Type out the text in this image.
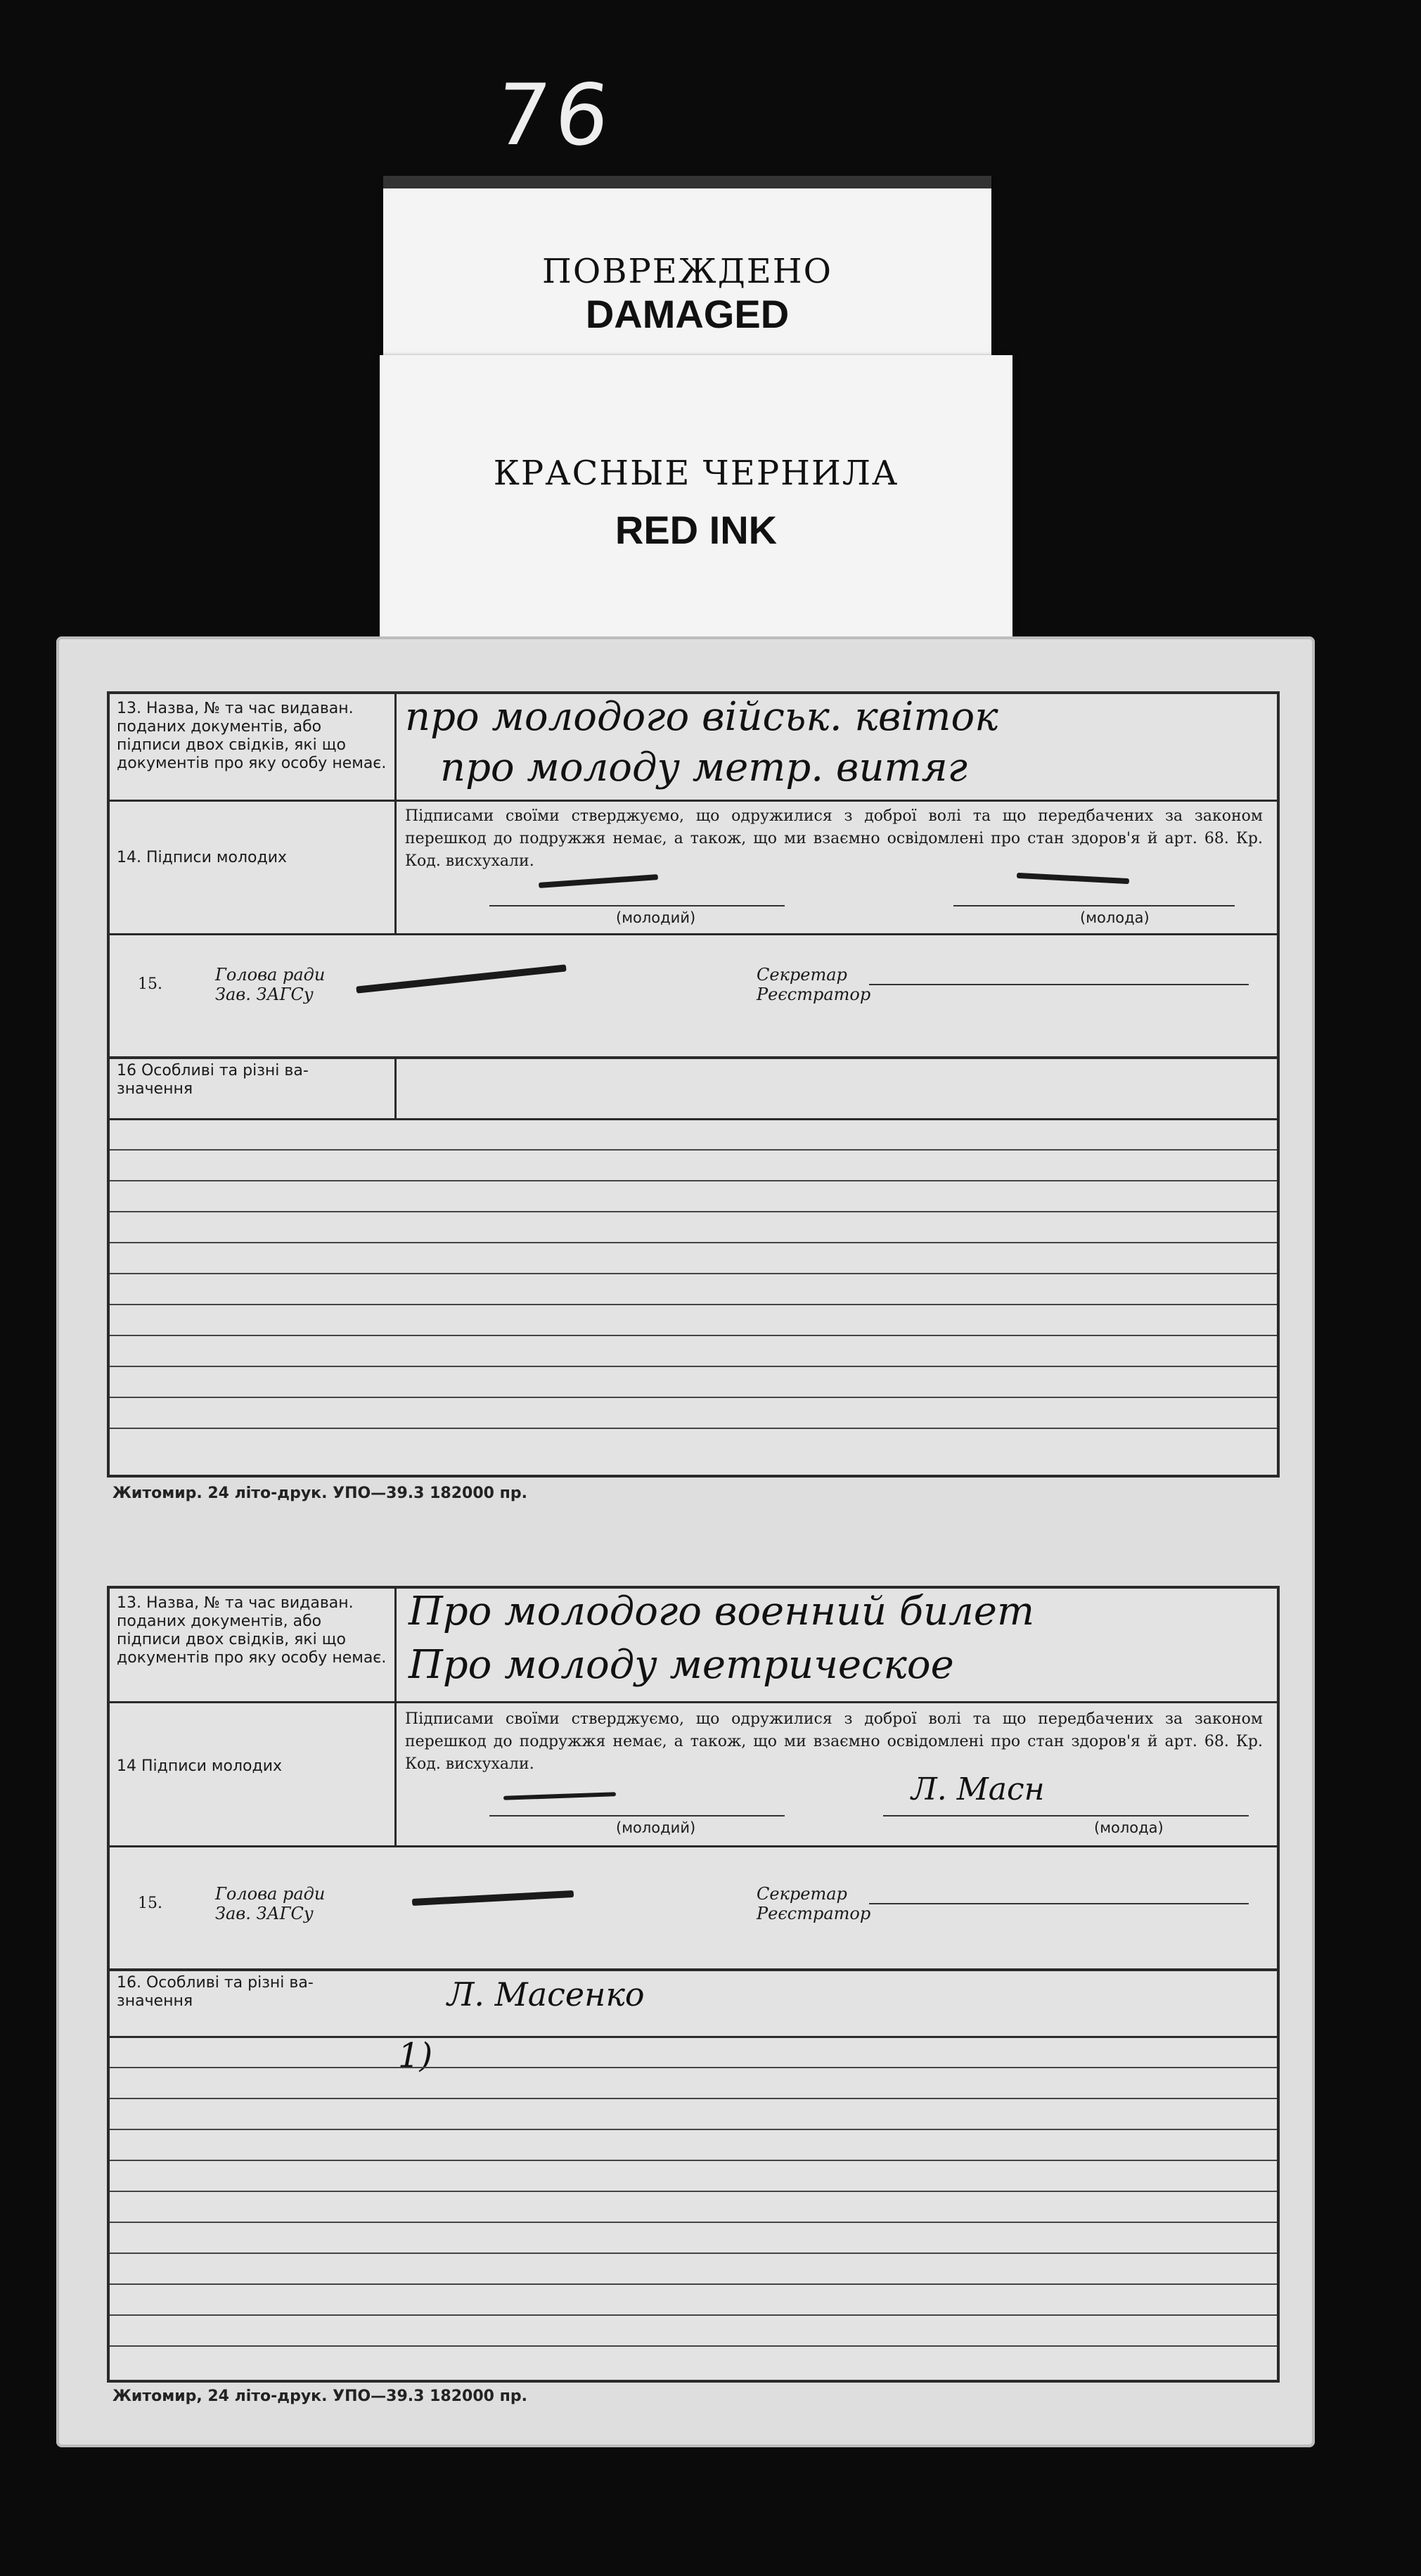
76
ПОВРЕЖДЕНО
DAMAGED
КРАСНЫЕ ЧЕРНИЛА
RED INK
13. Назва, № та час видаван. поданих документів, або підписи двох свідків, які що документів про яку особу немає.
про молодого вiйськ. квiток
про молоду метр. витяг
14. Підписи молодих
Підписами своїми стверджуємо, що одружилися з доброї волі та що передбачених за законом перешкод до подружжя немає, а також, що ми взаємно освідомлені про стан здоров'я й арт. 68. Кр. Код. висхухали.
(молодий)	(молода)
15.	Голова ради Зав. ЗАГСу
Секретар Реєстратор
16 Особливі та різні ва- значення
Житомир. 24 літо-друк. УПО—39.3 182000 пр.
13. Назва, № та час видаван. поданих документів, або підписи двох свідків, які що документів про яку особу немає.
Про молодого военний билет
Про молоду метрическое
14 Підписи молодих
Підписами своїми стверджуємо, що одружилися з доброї волі та що передбачених за законом перешкод до подружжя немає, а також, що ми взаємно освідомлені про стан здоров'я й арт. 68. Кр. Код. висхухали.
Л. Масн
(молодий)	(молода)
15.	Голова ради Зав. ЗАГСу
Секретар Реєстратор
16. Особливі та різні ва- значення	Л. Масенко
1)
Житомир, 24 літо-друк. УПО—39.3 182000 пр.
